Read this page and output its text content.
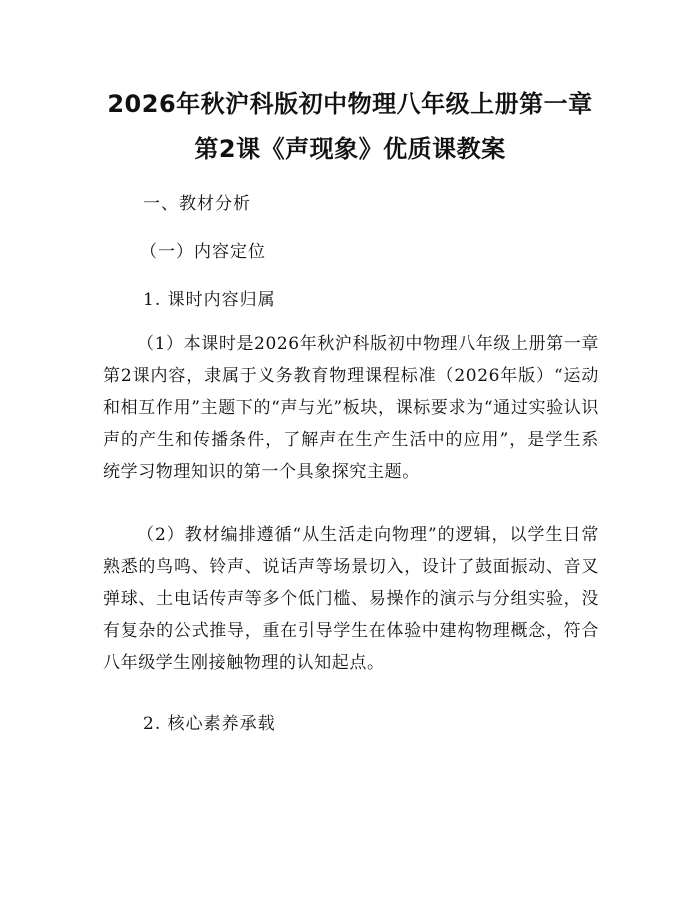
2026年秋沪科版初中物理八年级上册第一章
第2课《声现象》优质课教案
一、教材分析
（一）内容定位
1. 课时内容归属
（1）本课时是2026年秋沪科版初中物理八年级上册第一章第2课内容，隶属于义务教育物理课程标准（2026年版）“运动和相互作用”主题下的“声与光”板块，课标要求为“通过实验认识声的产生和传播条件，了解声在生产生活中的应用”，是学生系统学习物理知识的第一个具象探究主题。
（2）教材编排遵循“从生活走向物理”的逻辑，以学生日常熟悉的鸟鸣、铃声、说话声等场景切入，设计了鼓面振动、音叉弹球、土电话传声等多个低门槛、易操作的演示与分组实验，没有复杂的公式推导，重在引导学生在体验中建构物理概念，符合八年级学生刚接触物理的认知起点。
2. 核心素养承载
